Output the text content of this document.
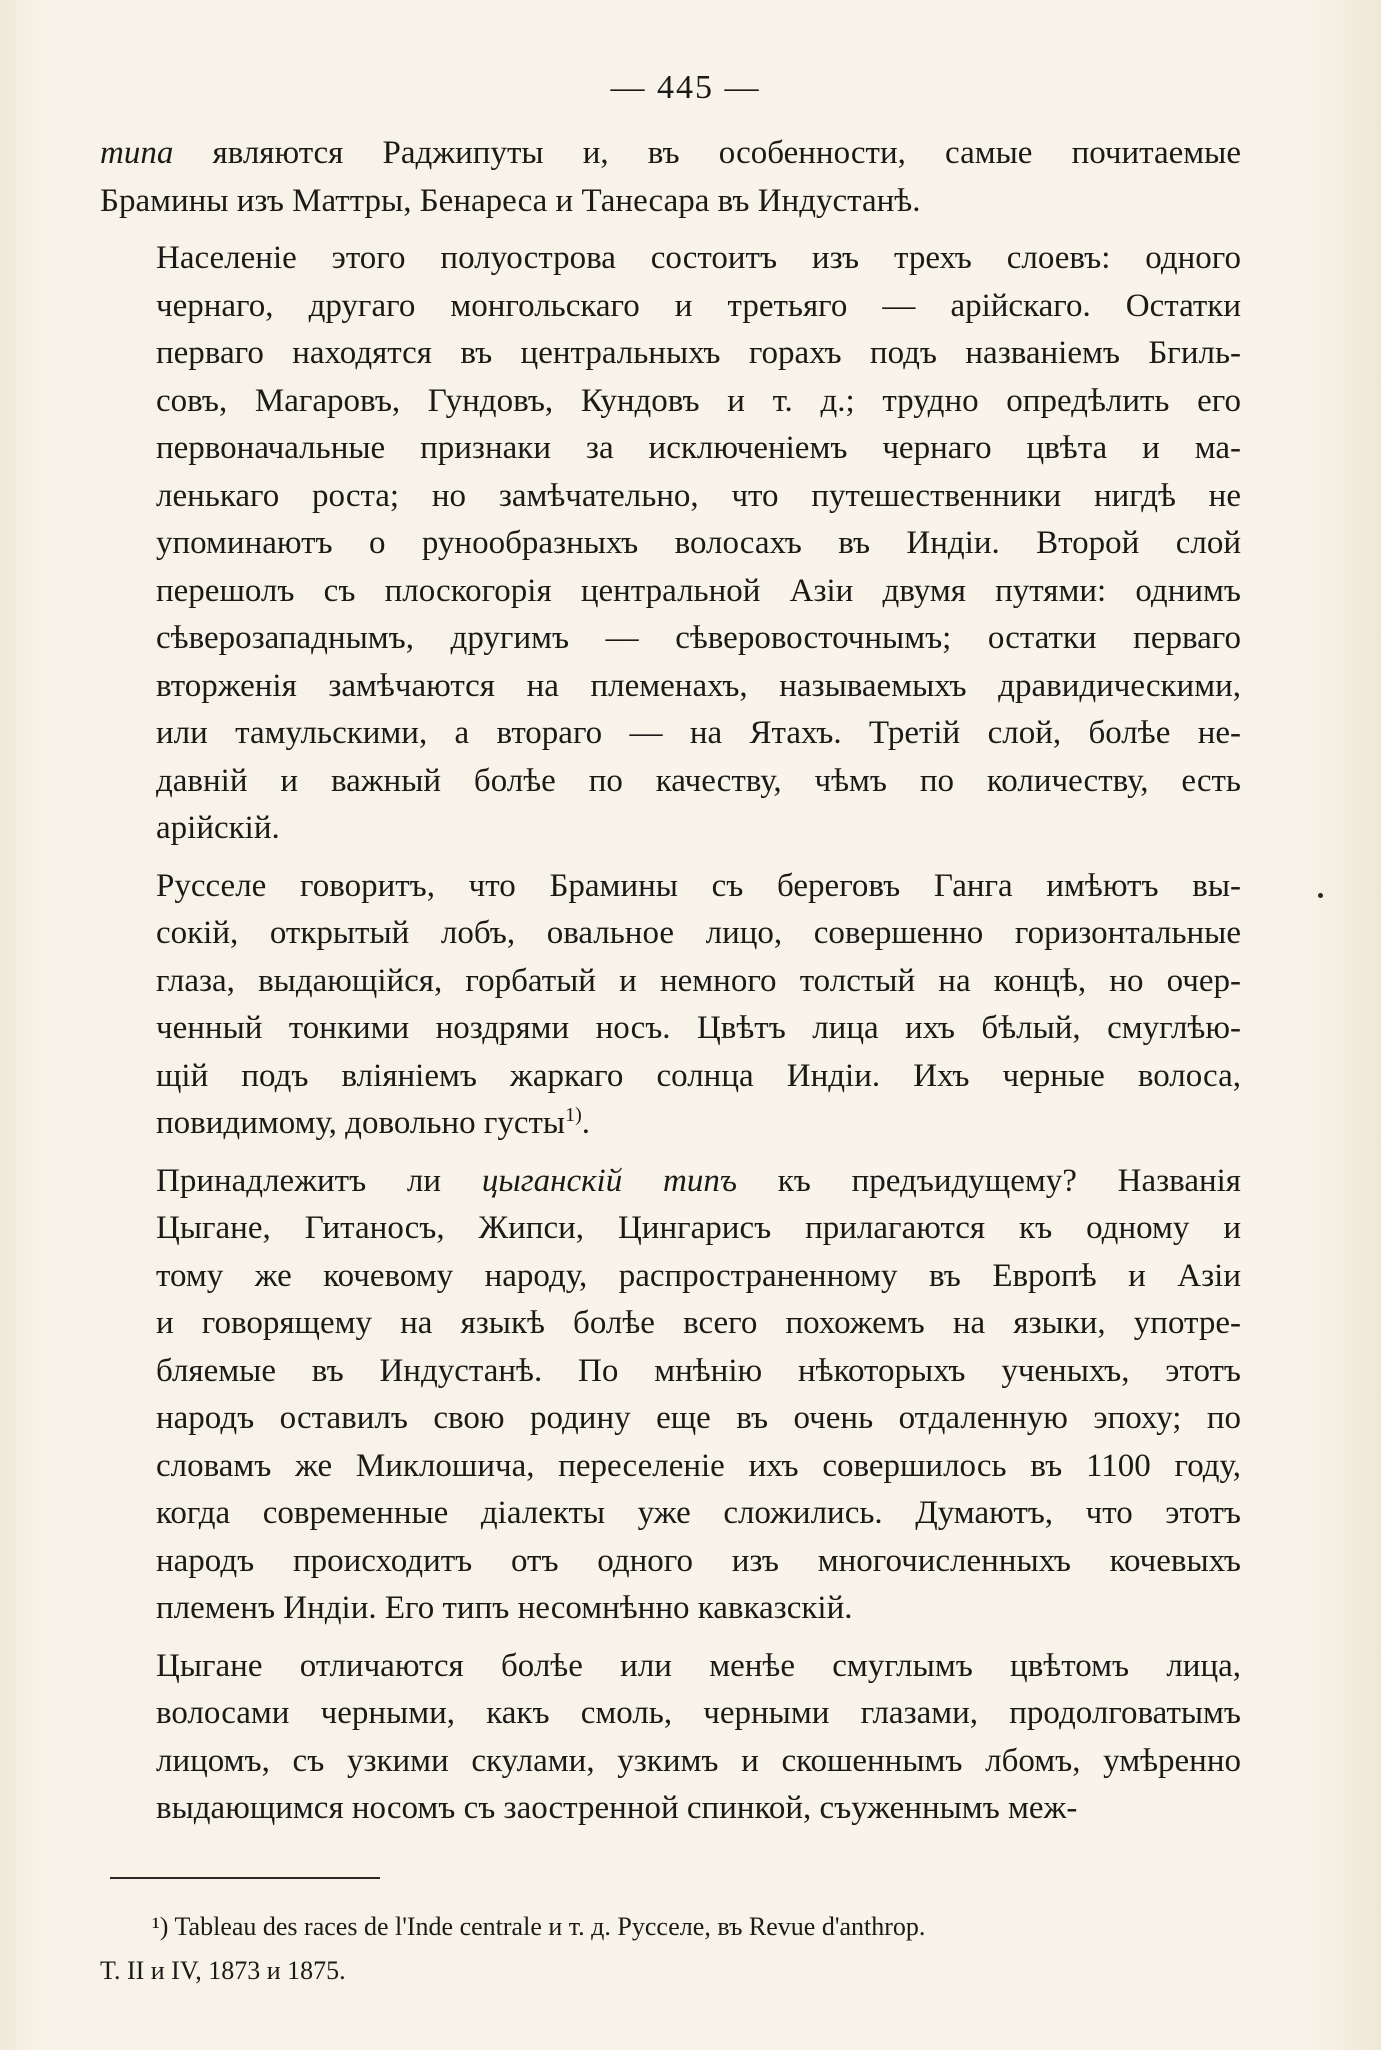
— 445 —

типа являются Раджипуты и, въ особенности, самые почитаемые
Брамины изъ Маттры, Бенареса и Танесара въ Индустанѣ.

Населеніе этого полуострова состоитъ изъ трехъ слоевъ: одного
чернаго, другаго монгольскаго и третьяго — арійскаго. Остатки
перваго находятся въ центральныхъ горахъ подъ названіемъ Бгиль-
совъ, Магаровъ, Гундовъ, Кундовъ и т. д.; трудно опредѣлить его
первоначальные признаки за исключеніемъ чернаго цвѣта и ма-
ленькаго роста; но замѣчательно, что путешественники нигдѣ не
упоминаютъ о рунообразныхъ волосахъ въ Индіи. Второй слой
перешолъ съ плоскогорія центральной Азіи двумя путями: однимъ
сѣверозападнымъ, другимъ — сѣверовосточнымъ; остатки перваго
вторженія замѣчаются на племенахъ, называемыхъ дравидическими,
или тамульскими, а втораго — на Ятахъ. Третій слой, болѣе не-
давній и важный болѣе по качеству, чѣмъ по количеству, есть
арійскій.

Русселе говоритъ, что Брамины съ береговъ Ганга имѣютъ вы-
сокій, открытый лобъ, овальное лицо, совершенно горизонтальные
глаза, выдающійся, горбатый и немного толстый на концѣ, но очер-
ченный тонкими ноздрями носъ. Цвѣтъ лица ихъ бѣлый, смуглѣю-
щій подъ вліяніемъ жаркаго солнца Индіи. Ихъ черные волоса,
повидимому, довольно густы$^{1)}$.

Принадлежитъ ли цыганскій типъ къ предъидущему? Названія
Цыгане, Гитаносъ, Жипси, Цингарисъ прилагаются къ одному и
тому же кочевому народу, распространенному въ Европѣ и Азіи
и говорящему на языкѣ болѣе всего похожемъ на языки, употре-
бляемые въ Индустанѣ. По мнѣнію нѣкоторыхъ ученыхъ, этотъ
народъ оставилъ свою родину еще въ очень отдаленную эпоху; по
словамъ же Миклошича, переселеніе ихъ совершилось въ 1100 году,
когда современные діалекты уже сложились. Думаютъ, что этотъ
народъ происходитъ отъ одного изъ многочисленныхъ кочевыхъ
племенъ Индіи. Его типъ несомнѣнно кавказскій.

Цыгане отличаются болѣе или менѣе смуглымъ цвѣтомъ лица,
волосами черными, какъ смоль, черными глазами, продолговатымъ
лицомъ, съ узкими скулами, узкимъ и скошеннымъ лбомъ, умѣренно
выдающимся носомъ съ заостренной спинкой, съуженнымъ меж-

¹) Tableau des races de l'Inde centrale и т. д. Русселе, въ Revue d'anthrop.

T. II и IV, 1873 и 1875.
